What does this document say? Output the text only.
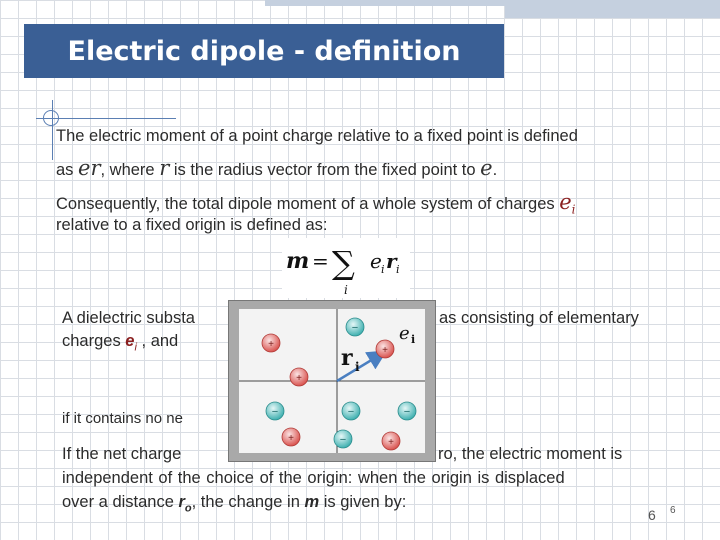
Electric dipole - definition
The electric moment of a point charge relative to a fixed point is defined
as er, where r is the radius vector from the fixed point to e.
Consequently, the total dipole moment of a whole system of charges $e_i$
relative to a fixed origin is defined as:
m = ∑
i
e i r i
A dielectric substa	as consisting of elementary
charges $e_i$ , and
if it contains no ne
If the net charge	ro, the electric moment is
independent of the choice of the origin: when the origin is displaced
over a distance $r_o$, the change in m is given by:
r i
e i
+
−
+
+
−	−	−
+	−	+
6 6
